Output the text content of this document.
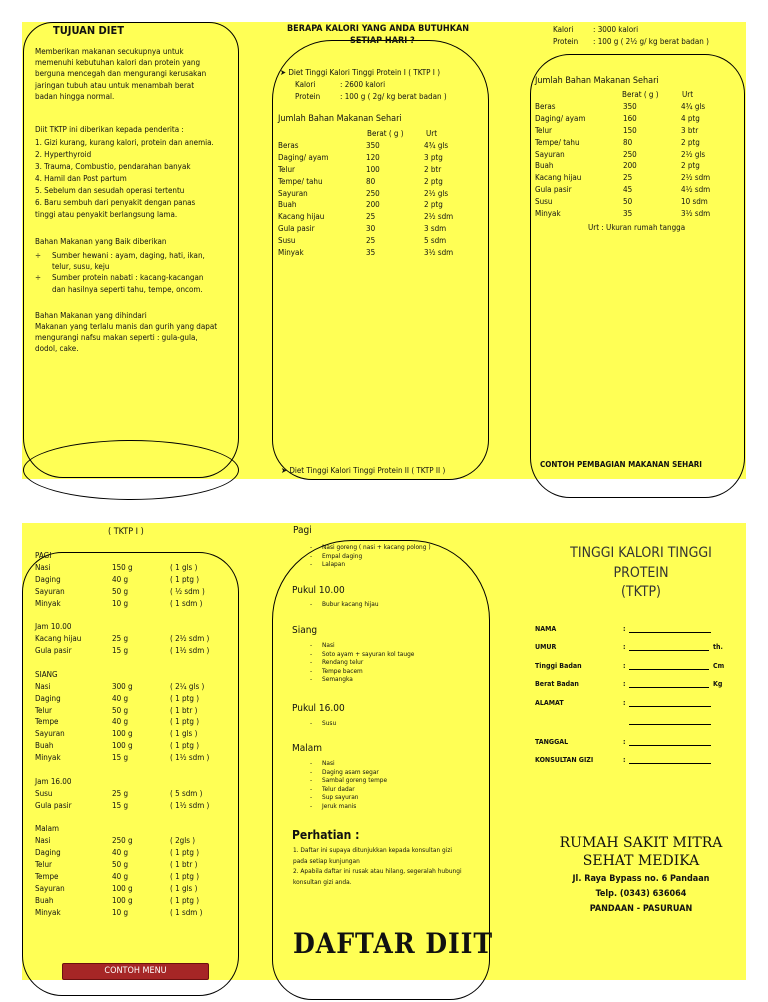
TUJUAN DIET
Memberikan makanan secukupnya untuk
memenuhi kebutuhan kalori dan protein yang
berguna mencegah dan mengurangi kerusakan
jaringan tubuh atau untuk menambah berat
badan hingga normal.
Diit TKTP ini diberikan kepada penderita :
1. Gizi kurang, kurang kalori, protein dan anemia.
2. Hyperthyroid
3. Trauma, Combustio, pendarahan banyak
4. Hamil dan Post partum
5. Sebelum dan sesudah operasi tertentu
6. Baru sembuh dari penyakit dengan panas
tinggi atau penyakit berlangsung lama.
Bahan Makanan yang Baik diberikan
÷ Sumber hewani : ayam, daging, hati, ikan,
telur, susu, keju
÷ Sumber protein nabati : kacang-kacangan
dan hasilnya seperti tahu, tempe, oncom.
Bahan Makanan yang dihindari
Makanan yang terlalu manis dan gurih yang dapat
mengurangi nafsu makan seperti : gula-gula,
dodol, cake.
BERAPA KALORI YANG ANDA BUTUHKAN
SETIAP HARI ?
➤ Diet Tinggi Kalori Tinggi Protein I ( TKTP I )
Kalori	: 2600 kalori
Protein : 100 g ( 2g/ kg berat badan )
Jumlah Bahan Makanan Sehari
Berat ( g )	Urt
Beras	350	4¾ gls
Daging/ ayam	120	3 ptg
Telur	100	2 btr
Tempe/ tahu	80	2 ptg
Sayuran	250	2½ gls
Buah	200	2 ptg
Kacang hijau	25	2½ sdm
Gula pasir	30	3 sdm
Susu	25	5 sdm
Minyak	35	3½ sdm
➤ Diet Tinggi Kalori Tinggi Protein II ( TKTP II )
Kalori : 3000 kalori
Protein : 100 g ( 2½ g/ kg berat badan )
Jumlah Bahan Makanan Sehari
Berat ( g )	Urt
Beras	350	4¾ gls
Daging/ ayam	160	4 ptg
Telur	150	3 btr
Tempe/ tahu	80	2 ptg
Sayuran	250	2½ gls
Buah	200	2 ptg
Kacang hijau	25	2½ sdm
Gula pasir	45	4½ sdm
Susu	50	10 sdm
Minyak	35	3½ sdm
Urt : Ukuran rumah tangga
CONTOH PEMBAGIAN MAKANAN SEHARI
( TKTP I )
PAGI
Nasi	150 g	( 1 gls )
Daging	40 g	( 1 ptg )
Sayuran	50 g	( ½ sdm )
Minyak	10 g	( 1 sdm )
Jam 10.00
Kacang hijau	25 g	( 2½ sdm )
Gula pasir	15 g	( 1½ sdm )
SIANG
Nasi	300 g	( 2¼ gls )
Daging	40 g	( 1 ptg )
Telur	50 g	( 1 btr )
Tempe	40 g	( 1 ptg )
Sayuran	100 g	( 1 gls )
Buah	100 g	( 1 ptg )
Minyak	15 g	( 1½ sdm )
Jam 16.00
Susu	25 g	( 5 sdm )
Gula pasir	15 g	( 1½ sdm )
Malam
Nasi	250 g	( 2gls )
Daging	40 g	( 1 ptg )
Telur	50 g	( 1 btr )
Tempe	40 g	( 1 ptg )
Sayuran	100 g	( 1 gls )
Buah	100 g	( 1 ptg )
Minyak	10 g	( 1 sdm )
CONTOH MENU
Pagi
- Nasi goreng ( nasi + kacang polong )
- Empal daging
- Lalapan
Pukul 10.00
- Bubur kacang hijau
Siang
- Nasi
- Soto ayam + sayuran kol tauge
- Rendang telur
- Tempe bacem
- Semangka
Pukul 16.00
- Susu
Malam
- Nasi
- Daging asam segar
- Sambal goreng tempe
- Telur dadar
- Sup sayuran
- Jeruk manis
Perhatian :
1. Daftar ini supaya ditunjukkan kepada konsultan gizi
pada setiap kunjungan
2. Apabila daftar ini rusak atau hilang, segeralah hubungi
konsultan gizi anda.
DAFTAR DIIT
TINGGI KALORI TINGGI
PROTEIN
(TKTP)
NAMA	:
UMUR	:	th.
Tinggi Badan	:	Cm
Berat Badan	:	Kg
ALAMAT	:
TANGGAL	:
KONSULTAN GIZI	:
RUMAH SAKIT MITRA
SEHAT MEDIKA
Jl. Raya Bypass no. 6 Pandaan
Telp. (0343) 636064
PANDAAN - PASURUAN
